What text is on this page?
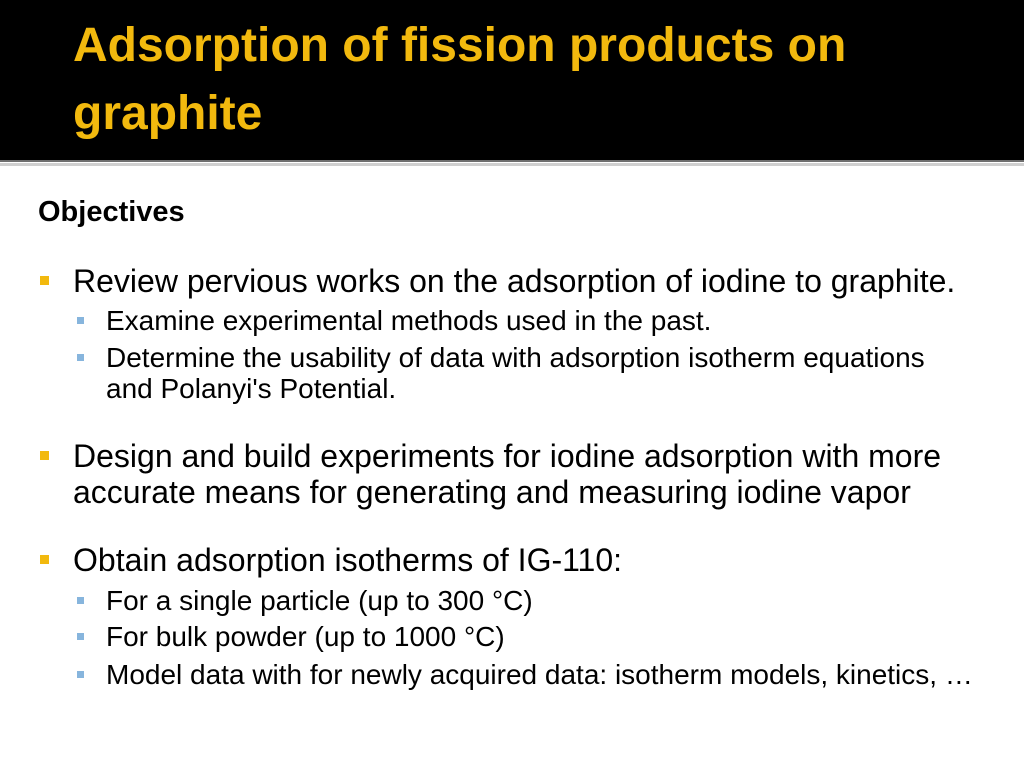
Adsorption of fission products on graphite
Objectives
Review pervious works on the adsorption of iodine to graphite.
Examine experimental methods used in the past.
Determine the usability of data with adsorption isotherm equations
and Polanyi's Potential.
Design and build experiments for iodine adsorption with more
accurate means for generating and measuring iodine vapor
Obtain adsorption isotherms of IG-110:
For a single particle (up to 300 °C)
For bulk powder (up to 1000 °C)
Model data with for newly acquired data: isotherm models, kinetics, …
